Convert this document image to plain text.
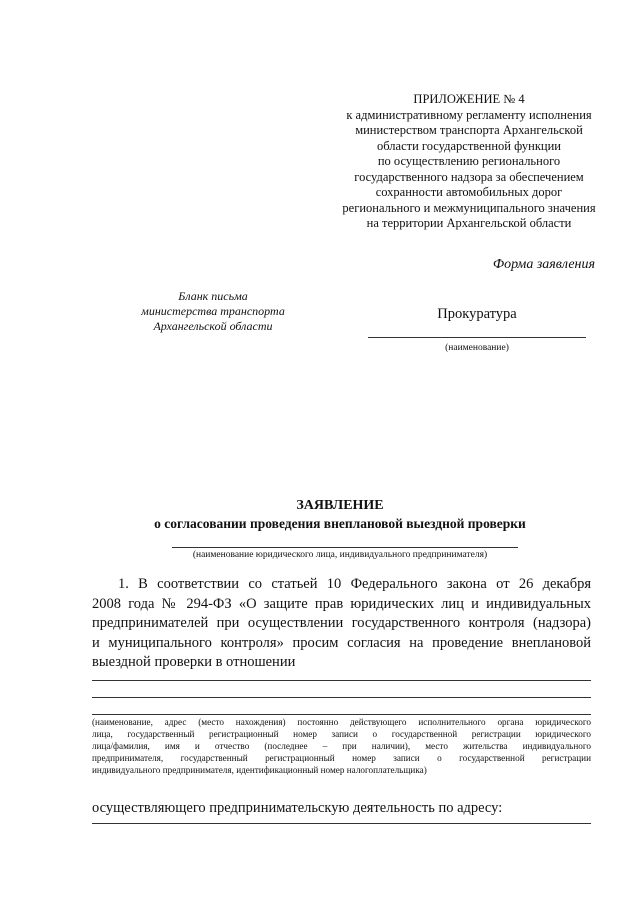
ПРИЛОЖЕНИЕ № 4
к административному регламенту исполнения
министерством транспорта Архангельской
области государственной функции
по осуществлению регионального
государственного надзора за обеспечением
сохранности автомобильных дорог
регионального и межмуниципального значения
на территории Архангельской области
Форма заявления
Бланк письма
министерства транспорта
Архангельской области
Прокуратура
(наименование)
ЗАЯВЛЕНИЕ
о согласовании проведения внеплановой выездной проверки
(наименование юридического лица, индивидуального предпринимателя)
1. В соответствии со статьей 10 Федерального закона от 26 декабря
2008 года № 294-ФЗ «О защите прав юридических лиц и индивидуальных
предпринимателей при осуществлении государственного контроля (надзора)
и муниципального контроля» просим согласия на проведение внеплановой
выездной проверки в отношении
(наименование, адрес (место нахождения) постоянно действующего исполнительного органа юридического
лица, государственный регистрационный номер записи о государственной регистрации юридического
лица/фамилия, имя и отчество (последнее – при наличии), место жительства индивидуального
предпринимателя, государственный регистрационный номер записи о государственной регистрации
индивидуального предпринимателя, идентификационный номер налогоплательщика)
осуществляющего предпринимательскую деятельность по адресу:
